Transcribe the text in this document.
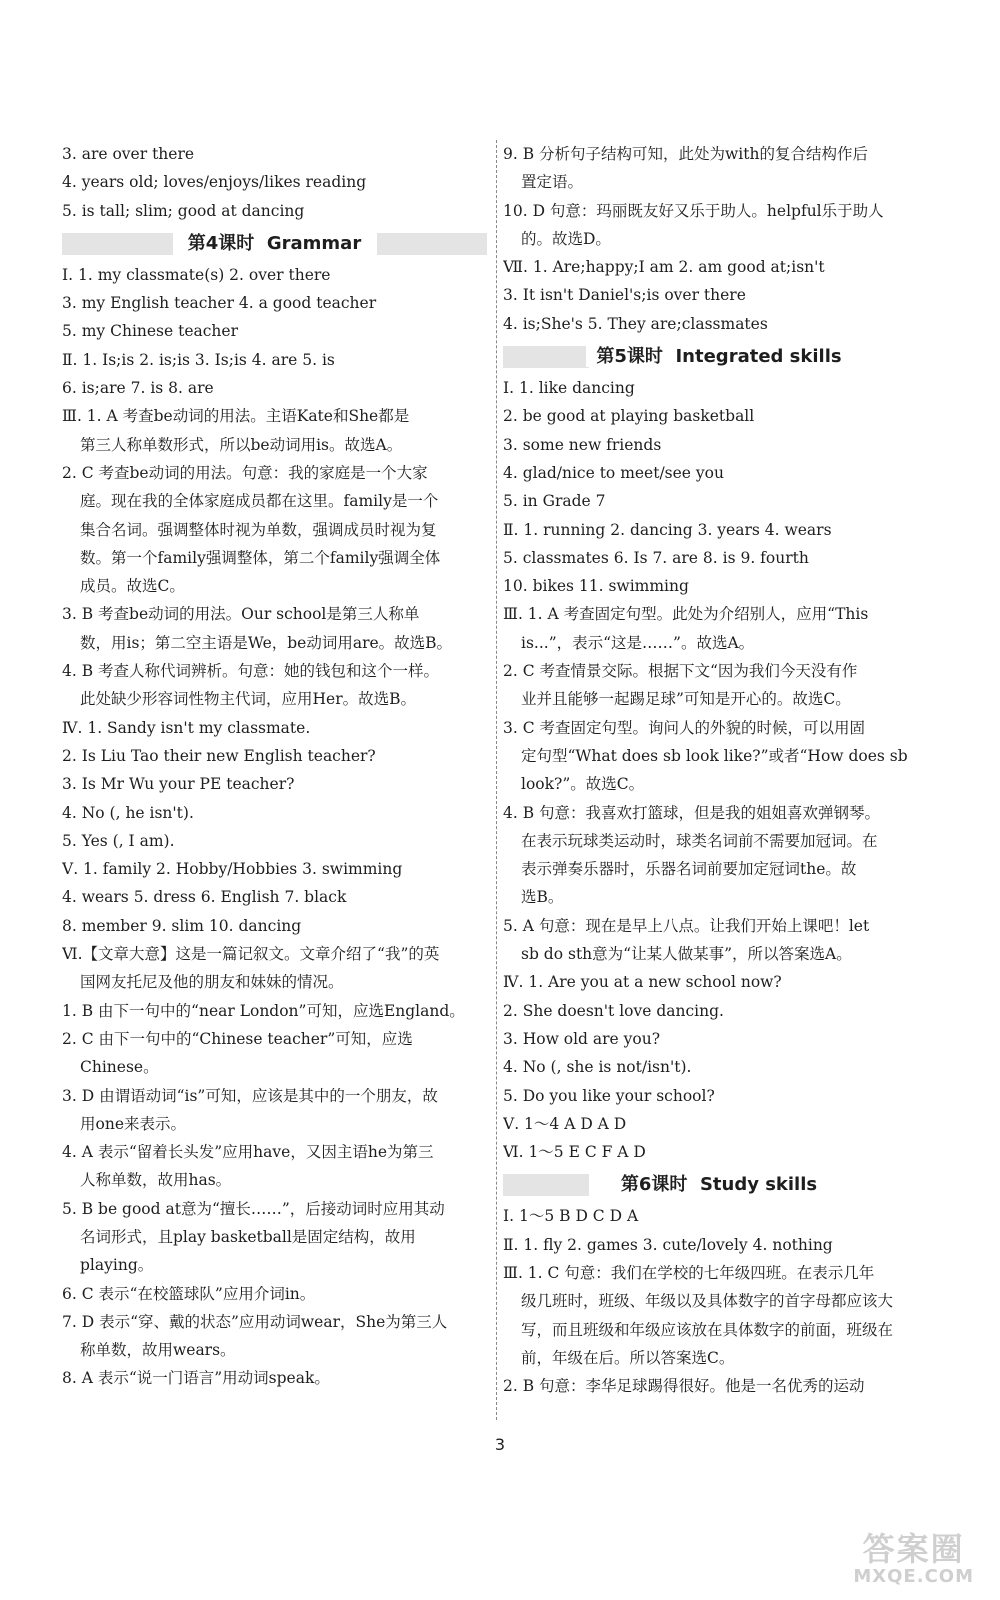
3. are over there
4. years old; loves/enjoys/likes reading
5. is tall; slim; good at dancing
第4课时 Grammar
Ⅰ. 1. my classmate(s) 2. over there
3. my English teacher 4. a good teacher
5. my Chinese teacher
Ⅱ. 1. Is;is 2. is;is 3. Is;is 4. are 5. is
6. is;are 7. is 8. are
Ⅲ. 1. A 考查be动词的用法。主语Kate和She都是
第三人称单数形式，所以be动词用is。故选A。
2. C 考查be动词的用法。句意：我的家庭是一个大家
庭。现在我的全体家庭成员都在这里。family是一个
集合名词。强调整体时视为单数，强调成员时视为复
数。第一个family强调整体，第二个family强调全体
成员。故选C。
3. B 考查be动词的用法。Our school是第三人称单
数，用is；第二空主语是We，be动词用are。故选B。
4. B 考查人称代词辨析。句意：她的钱包和这个一样。
此处缺少形容词性物主代词，应用Her。故选B。
Ⅳ. 1. Sandy isn't my classmate.
2. Is Liu Tao their new English teacher?
3. Is Mr Wu your PE teacher?
4. No (, he isn't).
5. Yes (, I am).
Ⅴ. 1. family 2. Hobby/Hobbies 3. swimming
4. wears 5. dress 6. English 7. black
8. member 9. slim 10. dancing
Ⅵ.【文章大意】这是一篇记叙文。文章介绍了“我”的英
国网友托尼及他的朋友和妹妹的情况。
1. B 由下一句中的“near London”可知，应选England。
2. C 由下一句中的“Chinese teacher”可知，应选
Chinese。
3. D 由谓语动词“is”可知，应该是其中的一个朋友，故
用one来表示。
4. A 表示“留着长头发”应用have，又因主语he为第三
人称单数，故用has。
5. B be good at意为“擅长……”，后接动词时应用其动
名词形式，且play basketball是固定结构，故用
playing。
6. C 表示“在校篮球队”应用介词in。
7. D 表示“穿、戴的状态”应用动词wear，She为第三人
称单数，故用wears。
8. A 表示“说一门语言”用动词speak。
9. B 分析句子结构可知，此处为with的复合结构作后
置定语。
10. D 句意：玛丽既友好又乐于助人。helpful乐于助人
的。故选D。
Ⅶ. 1. Are;happy;I am 2. am good at;isn't
3. It isn't Daniel's;is over there
4. is;She's 5. They are;classmates
第5课时 Integrated skills
Ⅰ. 1. like dancing
2. be good at playing basketball
3. some new friends
4. glad/nice to meet/see you
5. in Grade 7
Ⅱ. 1. running 2. dancing 3. years 4. wears
5. classmates 6. Is 7. are 8. is 9. fourth
10. bikes 11. swimming
Ⅲ. 1. A 考查固定句型。此处为介绍别人，应用“This
is...”，表示“这是……”。故选A。
2. C 考查情景交际。根据下文“因为我们今天没有作
业并且能够一起踢足球”可知是开心的。故选C。
3. C 考查固定句型。询问人的外貌的时候，可以用固
定句型“What does sb look like?”或者“How does sb
look?”。故选C。
4. B 句意：我喜欢打篮球，但是我的姐姐喜欢弹钢琴。
在表示玩球类运动时，球类名词前不需要加冠词。在
表示弹奏乐器时，乐器名词前要加定冠词the。故
选B。
5. A 句意：现在是早上八点。让我们开始上课吧！let
sb do sth意为“让某人做某事”，所以答案选A。
Ⅳ. 1. Are you at a new school now?
2. She doesn't love dancing.
3. How old are you?
4. No (, she is not/isn't).
5. Do you like your school?
Ⅴ. 1～4 A D A D
Ⅵ. 1～5 E C F A D
第6课时 Study skills
Ⅰ. 1～5 B D C D A
Ⅱ. 1. fly 2. games 3. cute/lovely 4. nothing
Ⅲ. 1. C 句意：我们在学校的七年级四班。在表示几年
级几班时，班级、年级以及具体数字的首字母都应该大
写，而且班级和年级应该放在具体数字的前面，班级在
前，年级在后。所以答案选C。
2. B 句意：李华足球踢得很好。他是一名优秀的运动
3
答案圈
MXQE.COM
